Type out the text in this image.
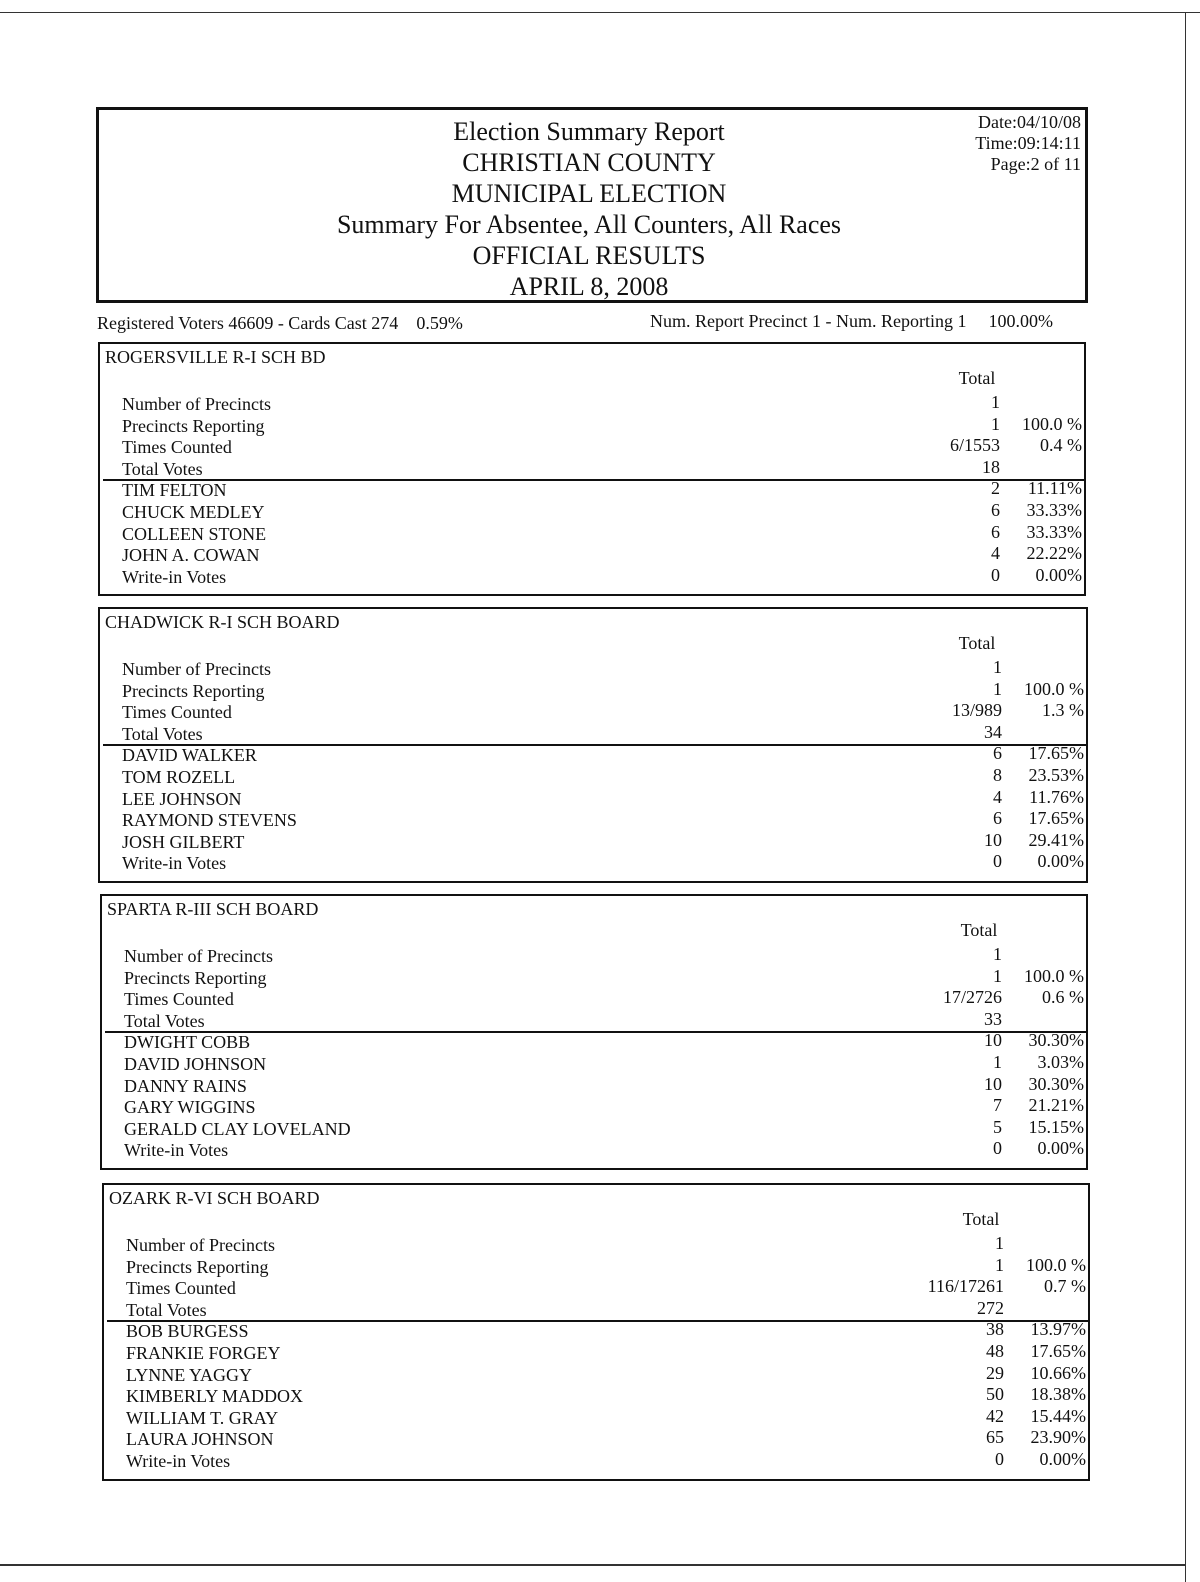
Election Summary Report
CHRISTIAN COUNTY
MUNICIPAL ELECTION
Summary For Absentee, All Counters, All Races
OFFICIAL RESULTS
APRIL 8, 2008
Date:04/10/08
Time:09:14:11
Page:2 of 11
Registered Voters 46609 - Cards Cast 274 0.59%	Num. Report Precinct 1 - Num. Reporting 1 100.00%
ROGERSVILLE R-I SCH BD
Total
Number of Precincts	1
Precincts Reporting	1 100.0 %
Times Counted	6/1553 0.4 %
Total Votes	18
TIM FELTON	2 11.11%
CHUCK MEDLEY	6 33.33%
COLLEEN STONE	6 33.33%
JOHN A. COWAN	4 22.22%
Write-in Votes	0 0.00%
CHADWICK R-I SCH BOARD
Total
Number of Precincts	1
Precincts Reporting	1 100.0 %
Times Counted	13/989 1.3 %
Total Votes	34
DAVID WALKER	6 17.65%
TOM ROZELL	8 23.53%
LEE JOHNSON	4 11.76%
RAYMOND STEVENS	6 17.65%
JOSH GILBERT	10 29.41%
Write-in Votes	0 0.00%
SPARTA R-III SCH BOARD
Total
Number of Precincts	1
Precincts Reporting	1 100.0 %
Times Counted	17/2726 0.6 %
Total Votes	33
DWIGHT COBB	10 30.30%
DAVID JOHNSON	1 3.03%
DANNY RAINS	10 30.30%
GARY WIGGINS	7 21.21%
GERALD CLAY LOVELAND	5 15.15%
Write-in Votes	0 0.00%
OZARK R-VI SCH BOARD
Total
Number of Precincts	1
Precincts Reporting	1 100.0 %
Times Counted	116/17261 0.7 %
Total Votes	272
BOB BURGESS	38 13.97%
FRANKIE FORGEY	48 17.65%
LYNNE YAGGY	29 10.66%
KIMBERLY MADDOX	50 18.38%
WILLIAM T. GRAY	42 15.44%
LAURA JOHNSON	65 23.90%
Write-in Votes	0 0.00%
